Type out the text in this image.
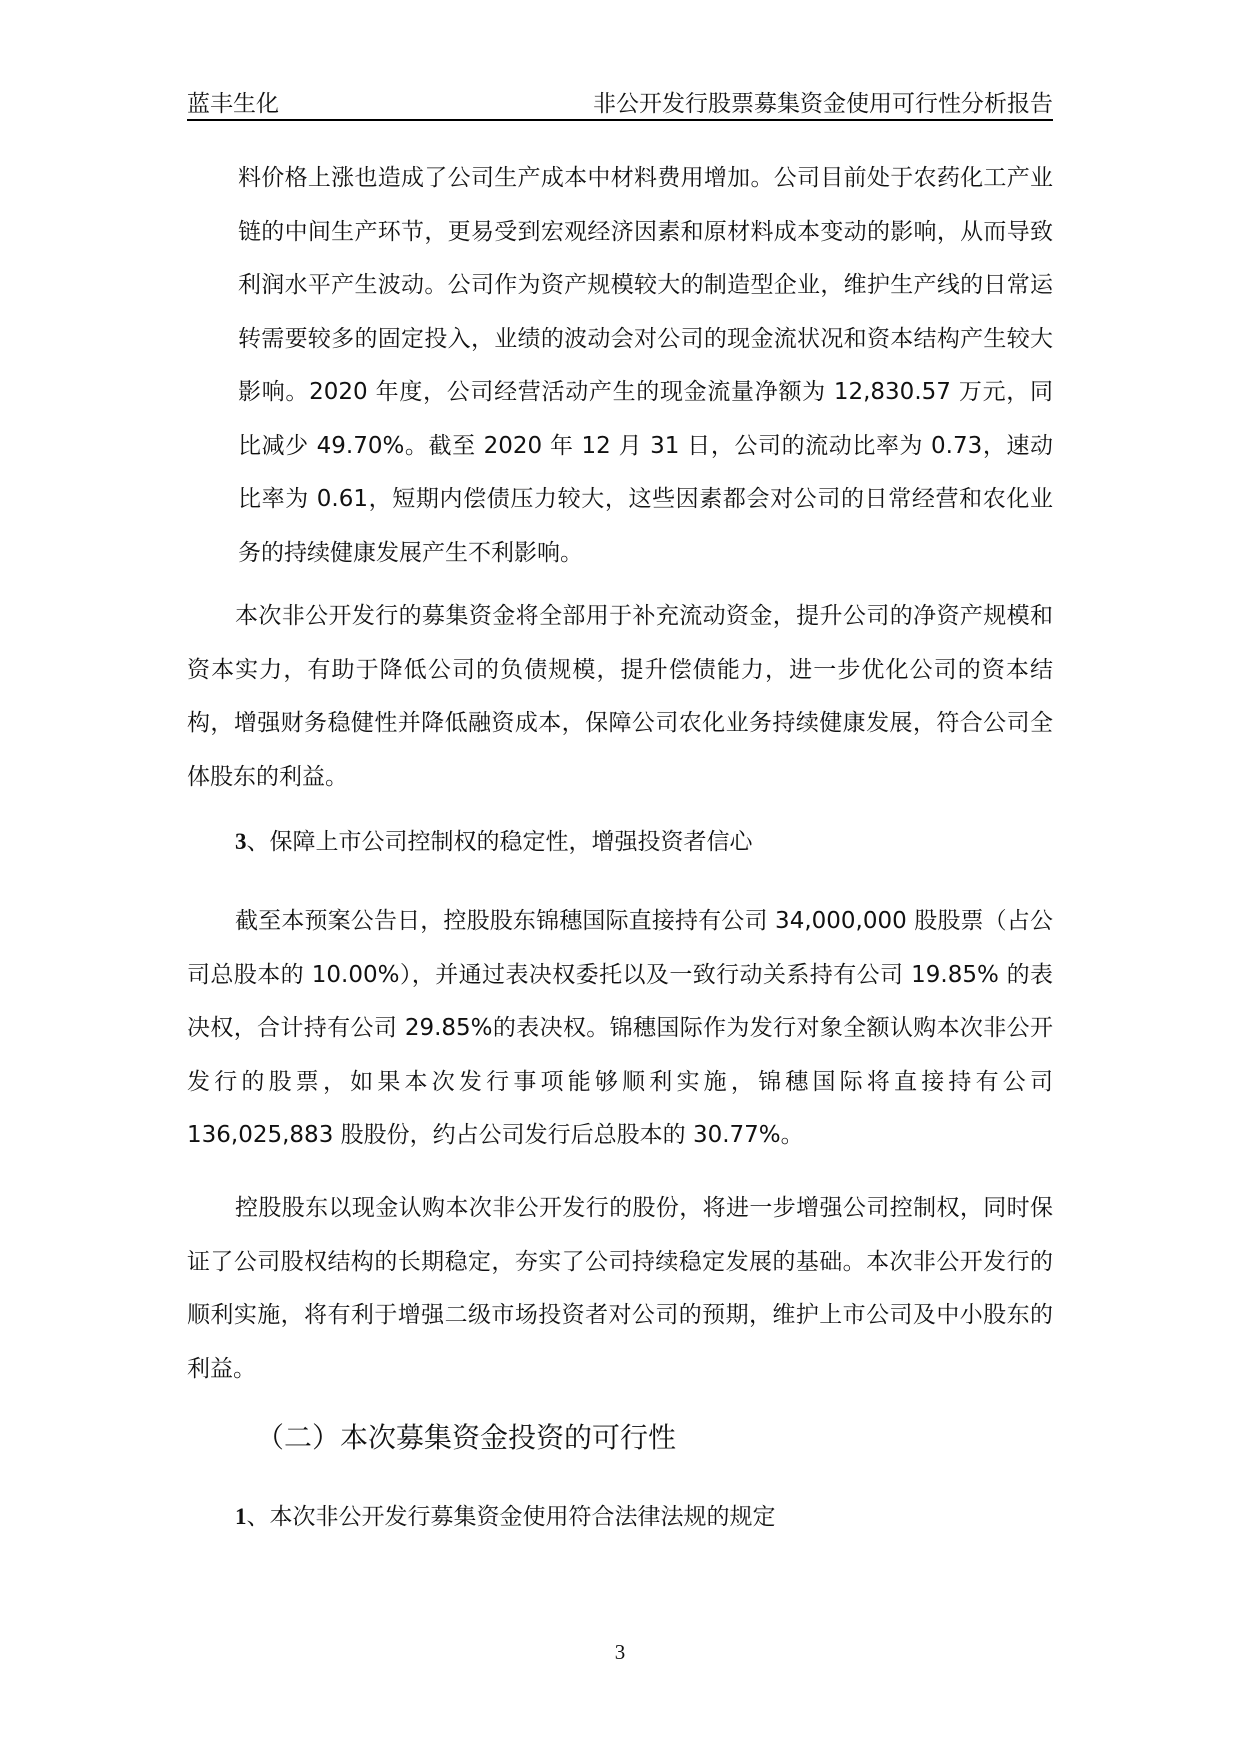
蓝丰生化	非公开发行股票募集资金使用可行性分析报告
料价格上涨也造成了公司生产成本中材料费用增加。公司目前处于农药化工产业链的中间生产环节，更易受到宏观经济因素和原材料成本变动的影响，从而导致利润水平产生波动。公司作为资产规模较大的制造型企业，维护生产线的日常运转需要较多的固定投入，业绩的波动会对公司的现金流状况和资本结构产生较大影响。2020 年度，公司经营活动产生的现金流量净额为 12,830.57 万元，同比减少 49.70%。截至 2020 年 12 月 31 日，公司的流动比率为 0.73，速动比率为 0.61，短期内偿债压力较大，这些因素都会对公司的日常经营和农化业务的持续健康发展产生不利影响。
本次非公开发行的募集资金将全部用于补充流动资金，提升公司的净资产规模和资本实力，有助于降低公司的负债规模，提升偿债能力，进一步优化公司的资本结构，增强财务稳健性并降低融资成本，保障公司农化业务持续健康发展，符合公司全体股东的利益。
3、保障上市公司控制权的稳定性，增强投资者信心
截至本预案公告日，控股股东锦穗国际直接持有公司 34,000,000 股股票（占公司总股本的 10.00%），并通过表决权委托以及一致行动关系持有公司 19.85% 的表决权，合计持有公司 29.85%的表决权。锦穗国际作为发行对象全额认购本次非公开发行的股票，如果本次发行事项能够顺利实施，锦穗国际将直接持有公司 136,025,883 股股份，约占公司发行后总股本的 30.77%。
控股股东以现金认购本次非公开发行的股份，将进一步增强公司控制权，同时保证了公司股权结构的长期稳定，夯实了公司持续稳定发展的基础。本次非公开发行的顺利实施，将有利于增强二级市场投资者对公司的预期，维护上市公司及中小股东的利益。
（二）本次募集资金投资的可行性
1、本次非公开发行募集资金使用符合法律法规的规定
3
